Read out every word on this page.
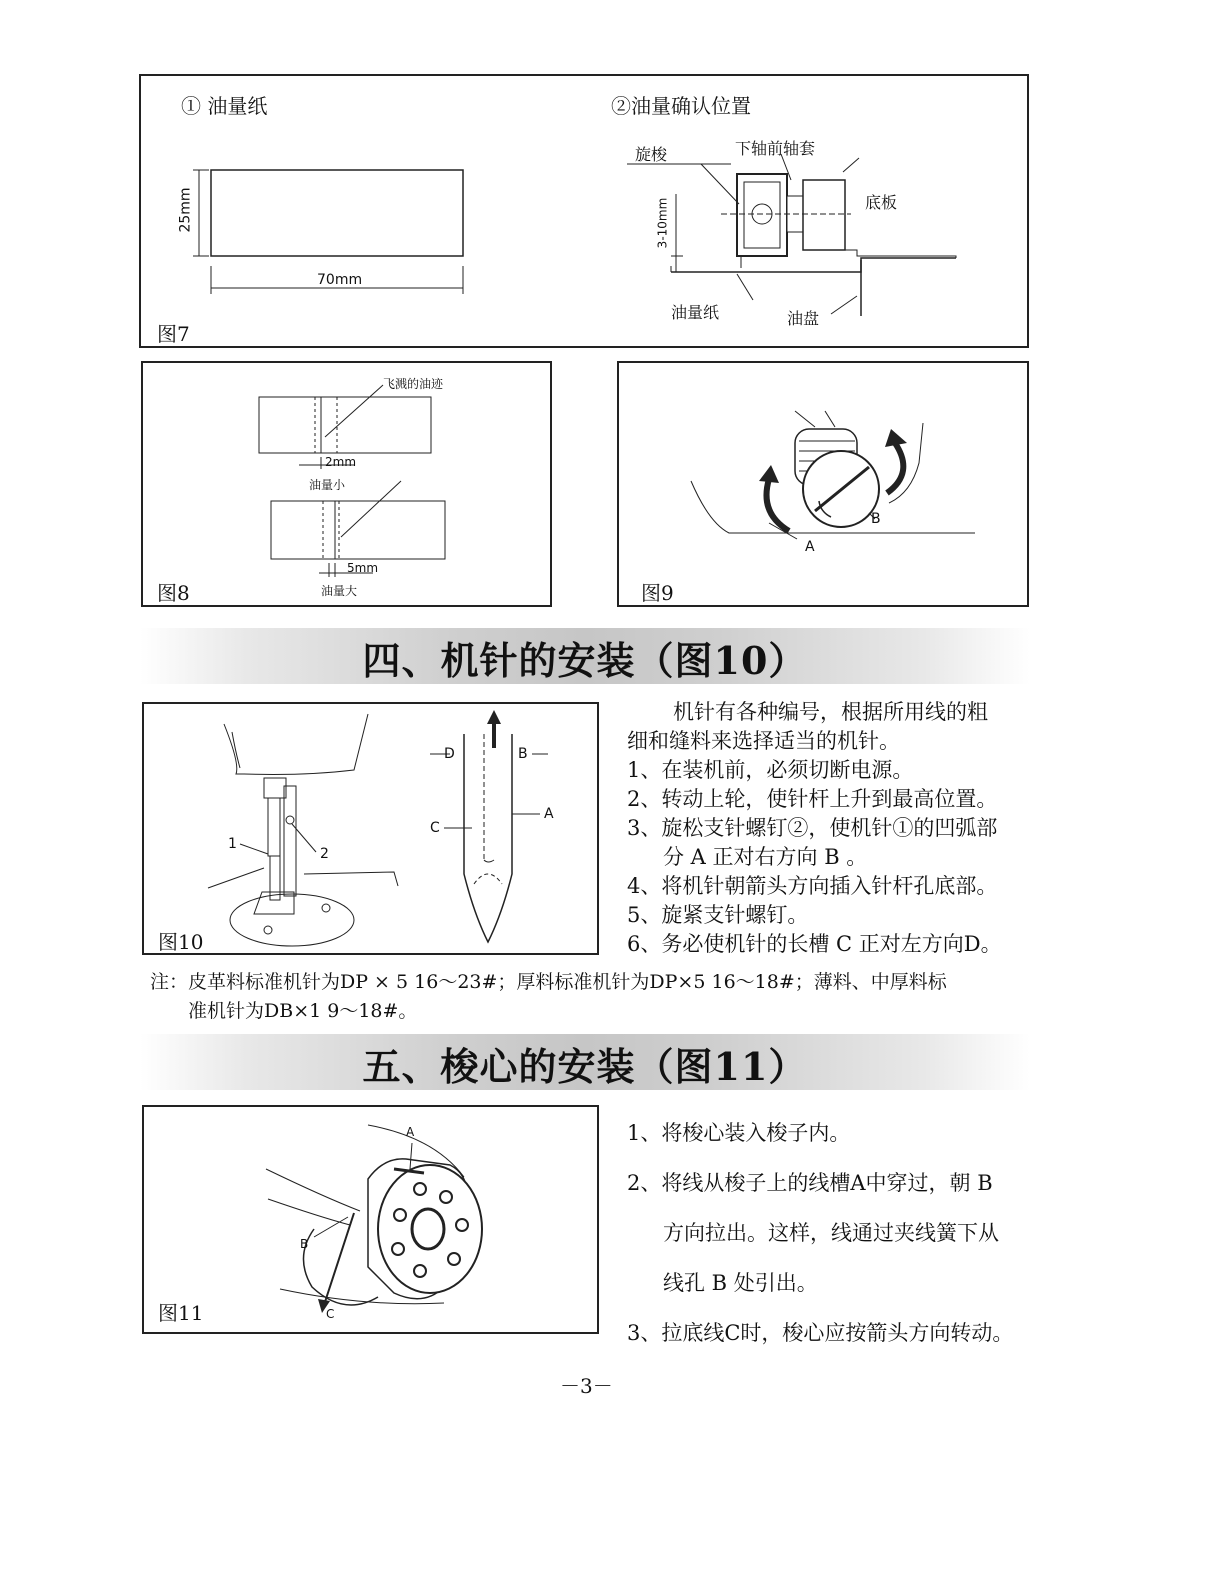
① 油量纸	②油量确认位置
25mm
70mm
旋梭	下轴前轴套
底板
3-10mm
油量纸	油盘
图7
飞溅的油迹
2mm
油量小
5mm
油量大
图8
A
B
图9
四、机针的安装（图10）
1
2
D	B
A
C
图10
机针有各种编号，根据所用线的粗
细和缝料来选择适当的机针。
1、在装机前，必须切断电源。
2、转动上轮，使针杆上升到最高位置。
3、旋松支针螺钉②，使机针①的凹弧部
分 A 正对右方向 B 。
4、将机针朝箭头方向插入针杆孔底部。
5、旋紧支针螺钉。
6、务必使机针的长槽 C 正对左方向D。
注：皮革料标准机针为DP × 5 16～23#；厚料标准机针为DP×5 16～18#；薄料、中厚料标
准机针为DB×1 9～18#。
五、梭心的安装（图11）
A
B
C
图11
1、将梭心装入梭子内。
2、将线从梭子上的线槽A中穿过，朝 B
方向拉出。这样，线通过夹线簧下从
线孔 B 处引出。
3、拉底线C时，梭心应按箭头方向转动。
－3－
